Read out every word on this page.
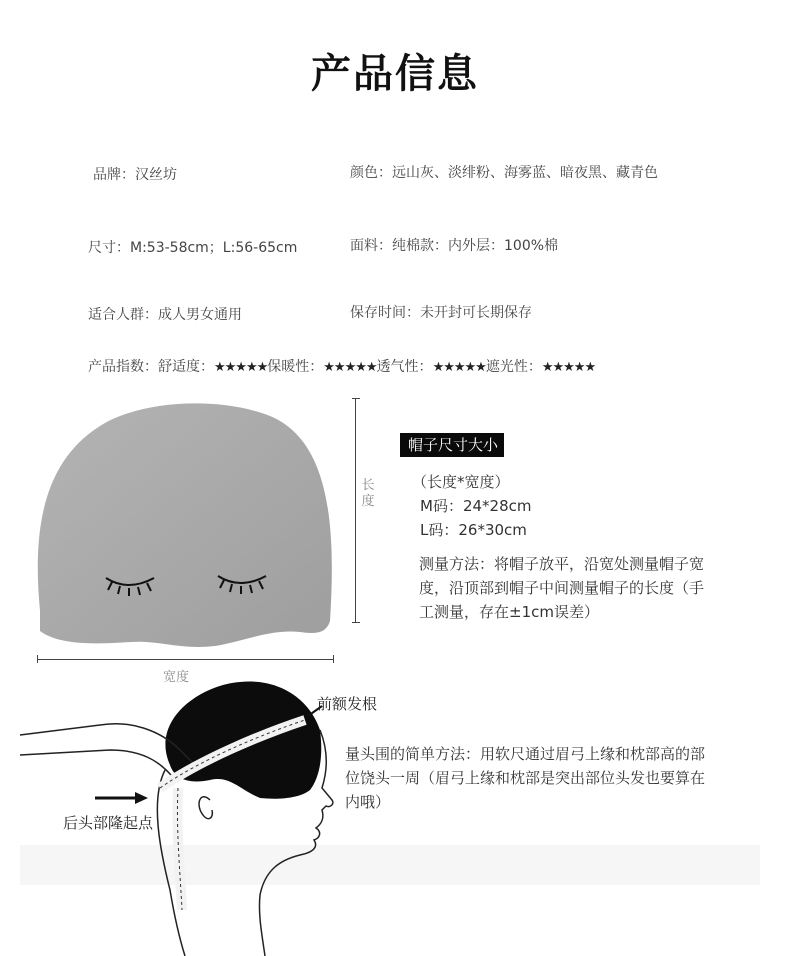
产品信息
品牌：汉丝坊	颜色：远山灰、淡绯粉、海雾蓝、暗夜黑、藏青色
尺寸：M:53-58cm；L:56-65cm	面料：纯棉款：内外层：100%棉
适合人群：成人男女通用	保存时间：未开封可长期保存
产品指数：舒适度：★★★★★保暖性：★★★★★透气性：★★★★★遮光性：★★★★★
长度
宽度
帽子尺寸大小
（长度*宽度）
M码：24*28cm
L码：26*30cm
测量方法：将帽子放平，沿宽处测量帽子宽度，沿顶部到帽子中间测量帽子的长度（手工测量，存在±1cm误差）
前额发根
后头部隆起点
量头围的简单方法：用软尺通过眉弓上缘和枕部高的部位饶头一周（眉弓上缘和枕部是突出部位头发也要算在内哦）
